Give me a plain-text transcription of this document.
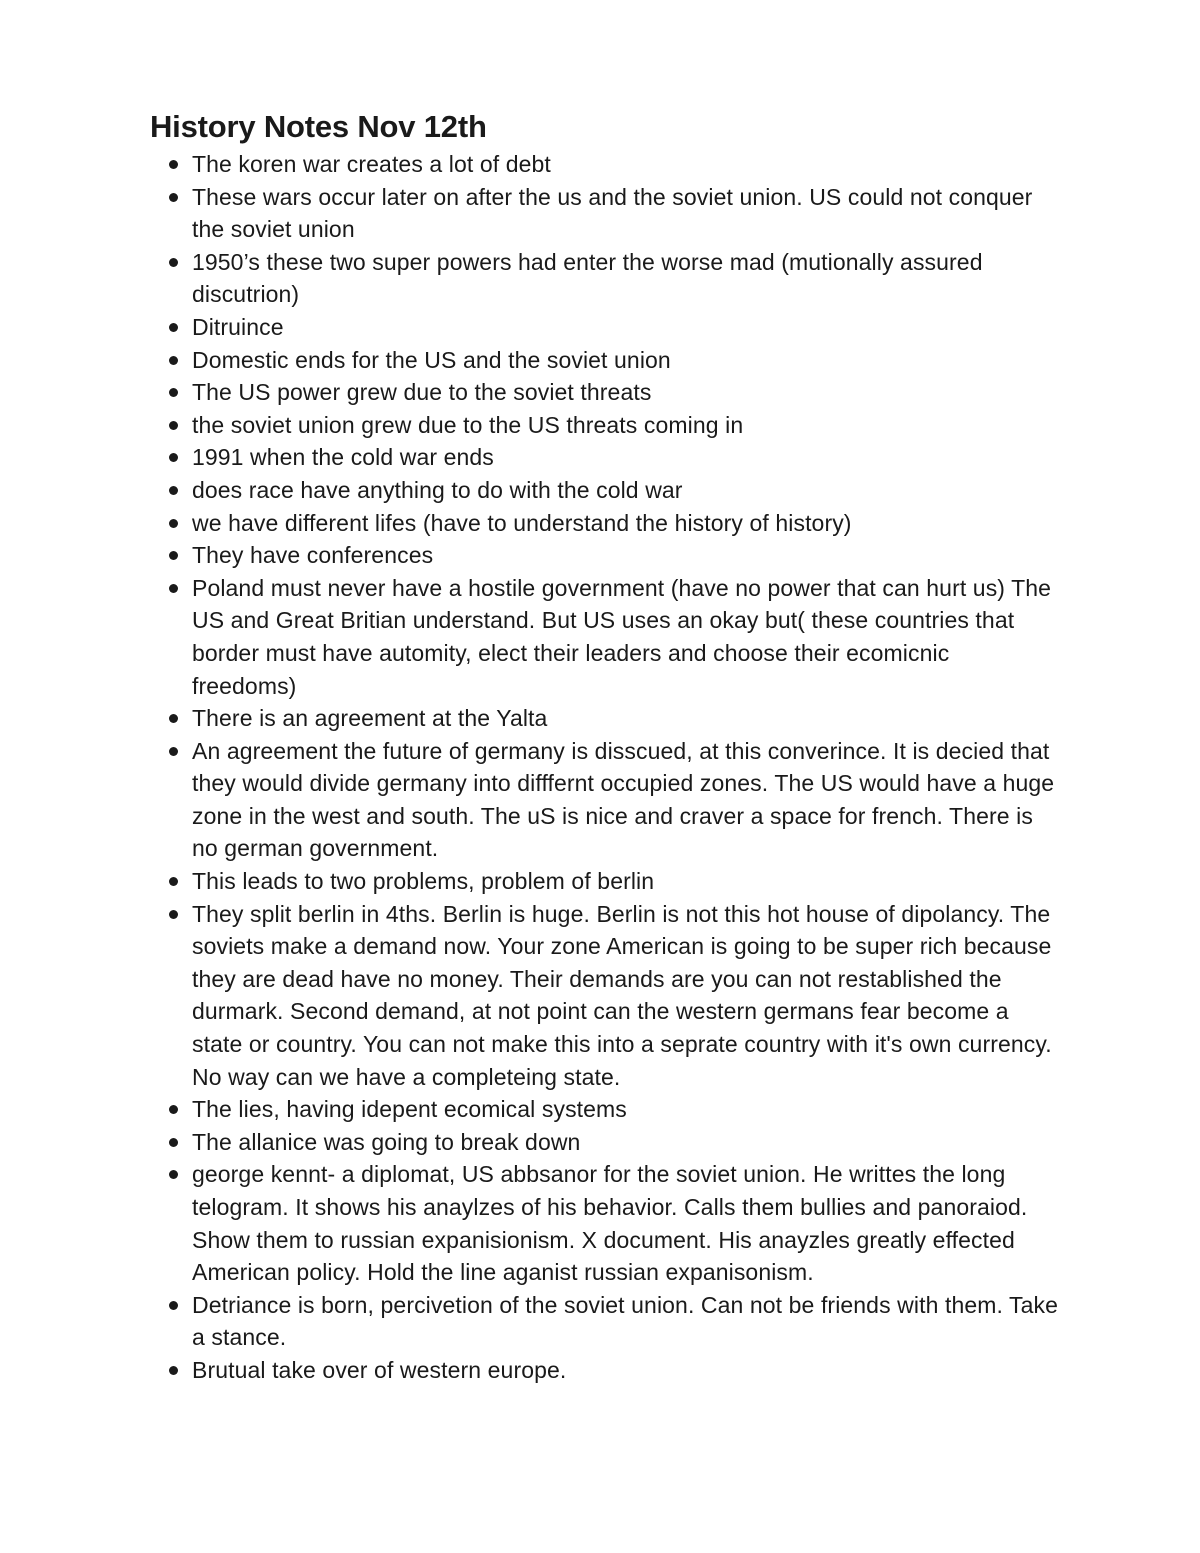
History Notes Nov 12th
The koren war creates a lot of debt
These wars occur later on after the us and the soviet union. US could not conquer the soviet union
1950’s these two super powers had enter the worse mad (mutionally assured discutrion)
Ditruince
Domestic ends for the US and the soviet union
The US power grew due to the soviet threats
the soviet union grew due to the US threats coming in
1991 when the cold war ends
does race have anything to do with the cold war
we have different lifes (have to understand the history of history)
They have conferences
Poland must never have a hostile government (have no power that can hurt us) The US and Great Britian understand. But US uses an okay but( these countries that border must have automity, elect their leaders and choose their ecomicnic freedoms)
There is an agreement at the Yalta
An agreement the future of germany is disscued, at this converince. It is decied that they would divide germany into difffernt occupied zones. The US would have a huge zone in the west and south. The uS is nice and craver a space for french. There is no german government.
This leads to two problems, problem of berlin
They split berlin in 4ths. Berlin is huge. Berlin is not this hot house of dipolancy. The soviets make a demand now. Your zone American is going to be super rich because they are dead have no money. Their demands are you can not restablished the durmark. Second demand, at not point can the western germans fear become a state or country. You can not make this into a seprate country with it's own currency. No way can we have a completeing state.
The lies, having idepent ecomical systems
The allanice was going to break down
george kennt- a diplomat, US abbsanor for the soviet union. He writtes the long telogram. It shows his anaylzes of his behavior. Calls them bullies and panoraiod. Show them to russian expanisionism. X document. His anayzles greatly effected American policy. Hold the line aganist russian expanisonism.
Detriance is born, percivetion of the soviet union. Can not be friends with them. Take a stance.
Brutual take over of western europe.
